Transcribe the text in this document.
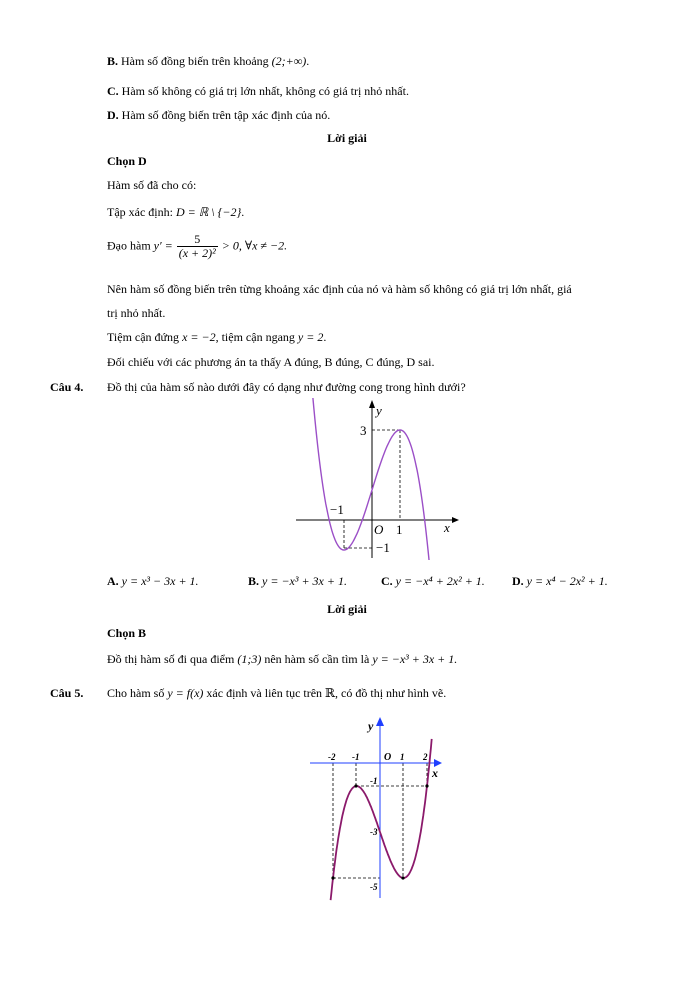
B. Hàm số đồng biến trên khoảng (2;+∞).
C. Hàm số không có giá trị lớn nhất, không có giá trị nhỏ nhất.
D. Hàm số đồng biến trên tập xác định của nó.
Lời giải
Chọn D
Hàm số đã cho có:
Tập xác định: D = ℝ \ {−2}.
Đạo hàm $y' = \frac{5}{\text{(x + 2)²}} > 0$, ∀x ≠ −2.
Nên hàm số đồng biến trên từng khoảng xác định của nó và hàm số không có giá trị lớn nhất, giá
trị nhỏ nhất.
Tiệm cận đứng x = −2, tiệm cận ngang y = 2.
Đối chiếu với các phương án ta thấy A đúng, B đúng, C đúng, D sai.
Câu 4. Đồ thị của hàm số nào dưới đây có dạng như đường cong trong hình dưới?
y
x
O
3
−1
1
−1
A. y = x³ − 3x + 1.	B. y = −x³ + 3x + 1.	C. y = −x⁴ + 2x² + 1. D. y = x⁴ − 2x² + 1.
Lời giải
Chọn B
Đồ thị hàm số đi qua điểm (1;3) nên hàm số cần tìm là y = −x³ + 3x + 1.
Câu 5. Cho hàm số y = f(x) xác định và liên tục trên ℝ, có đồ thị như hình vẽ.
y
x
O
-2 -1	1 2
-1
-3
-5
